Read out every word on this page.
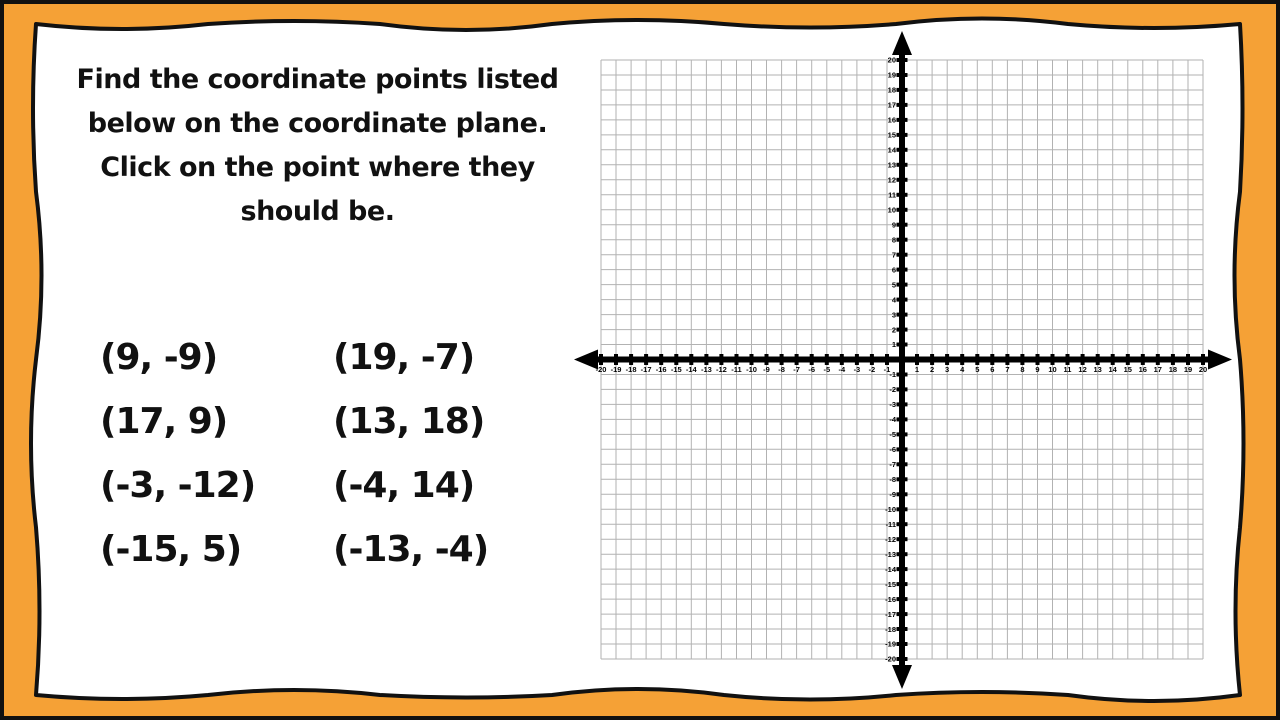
Find the coordinate points listed
below on the coordinate plane.
Click on the point where they
should be.
(9, -9)	(19, -7)
(17, 9)	(13, 18)
(-3, -12)	(-4, 14)
(-15, 5)	(-13, -4)
-20
-20
-19
-19
-18
-18
-17
-17
-16
-16
-15
-15
-14
-14
-13
-13
-12
-12
-11
-11
-10
-10
-9
-9
-8
-8
-7
-7
-6
-6
-5
-5
-4
-4
-3
-3
-2
-2
-1
-1
1
1
2
2
3
3
4
4
5
5
6
6
7
7
8
8
9
9
10
10
11
11
12
12
13
13
14
14
15
15
16
16
17
17
18
18
19
19
20
20
